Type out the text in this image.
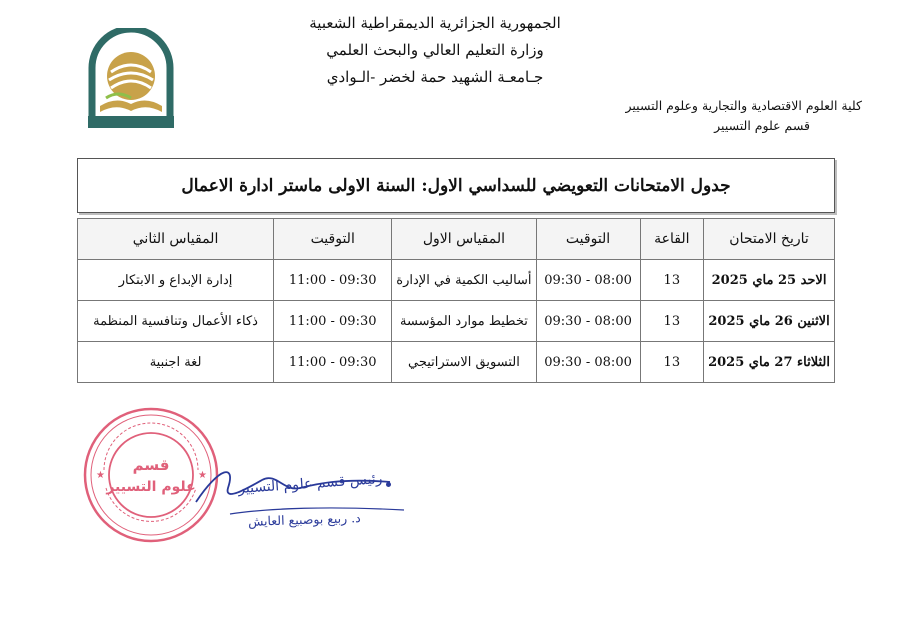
الجمهورية الجزائرية الديمقراطية الشعبية
وزارة التعليم العالي والبحث العلمي
جـامعـة الشهيد حمة لخضر -الـوادي
كلية العلوم الاقتصادية والتجارية وعلوم التسيير
قسم علوم التسيير
جدول الامتحانات التعويضي للسداسي الاول: السنة الاولى ماستر ادارة الاعمال
تاريخ الامتحان	القاعة	التوقيت	المقياس الاول	التوقيت	المقياس الثاني
الاحد 25 ماي 2025	13	08:00 - 09:30	أساليب الكمية في الإدارة	09:30 - 11:00	إدارة الإبداع و الابتكار
الاثنين 26 ماي 2025	13	08:00 - 09:30	تخطيط موارد المؤسسة	09:30 - 11:00	ذكاء الأعمال وتنافسية المنظمة
الثلاثاء 27 ماي 2025	13	08:00 - 09:30	التسويق الاستراتيجي	09:30 - 11:00	لغة اجنبية
قسم
علوم التسيير
★	★ رئيس قسم علوم التسيير
د. ربيع بوصبيع العايش
